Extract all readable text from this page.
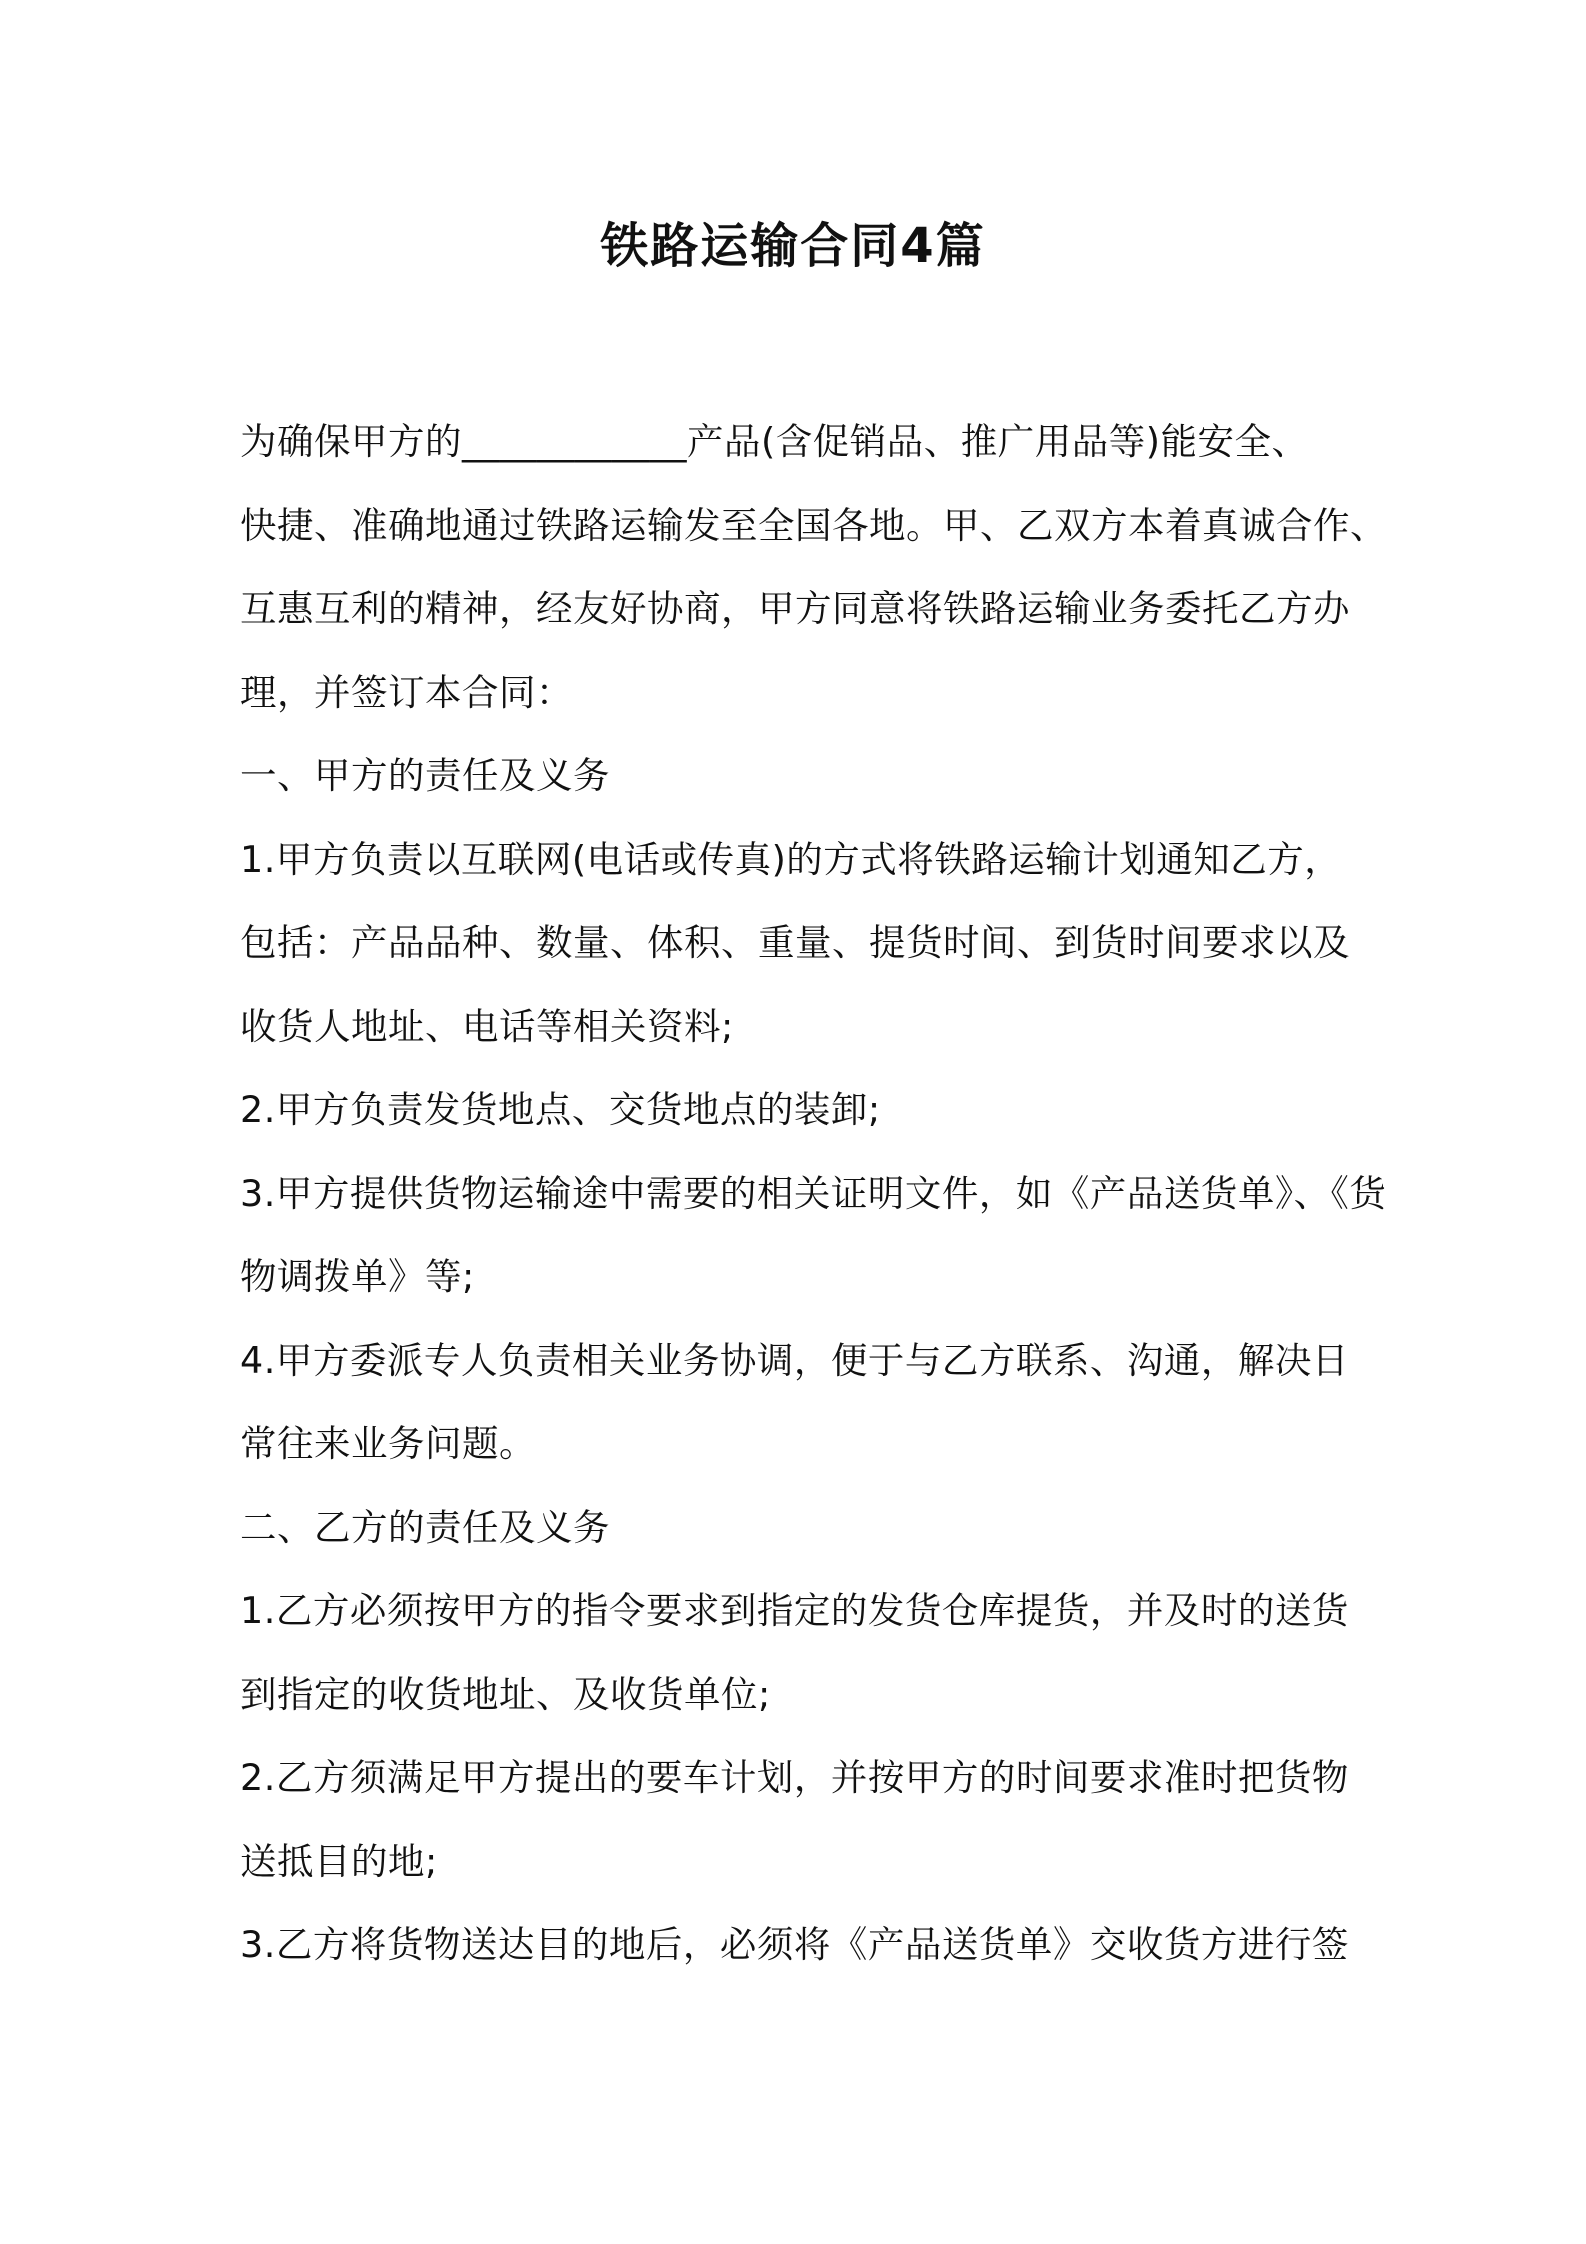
铁路运输合同4篇

为确保甲方的____________产品(含促销品、推广用品等)能安全、

快捷、准确地通过铁路运输发至全国各地。甲、乙双方本着真诚合作、

互惠互利的精神，经友好协商，甲方同意将铁路运输业务委托乙方办

理，并签订本合同：

一、甲方的责任及义务

1.甲方负责以互联网(电话或传真)的方式将铁路运输计划通知乙方，

包括：产品品种、数量、体积、重量、提货时间、到货时间要求以及

收货人地址、电话等相关资料;

2.甲方负责发货地点、交货地点的装卸;

3.甲方提供货物运输途中需要的相关证明文件，如《产品送货单》、《货

物调拨单》等;

4.甲方委派专人负责相关业务协调，便于与乙方联系、沟通，解决日

常往来业务问题。

二、乙方的责任及义务

1.乙方必须按甲方的指令要求到指定的发货仓库提货，并及时的送货

到指定的收货地址、及收货单位;

2.乙方须满足甲方提出的要车计划，并按甲方的时间要求准时把货物

送抵目的地;

3.乙方将货物送达目的地后，必须将《产品送货单》交收货方进行签
